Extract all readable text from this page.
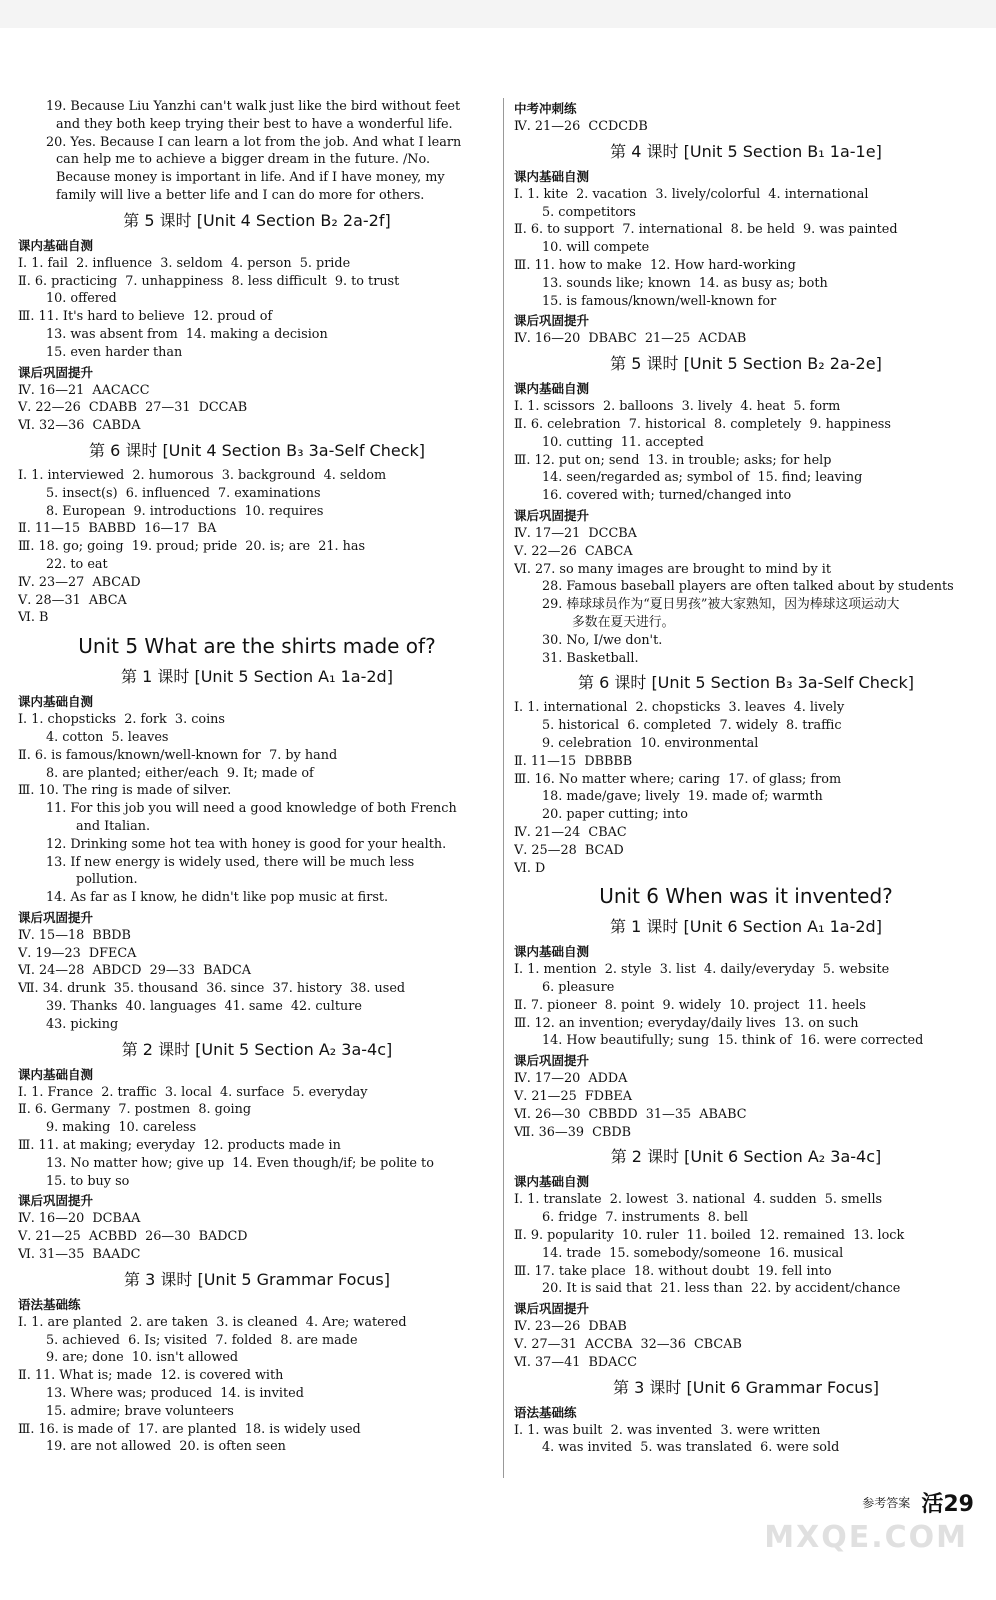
19. Because Liu Yanzhi can't walk just like the bird without feet
and they both keep trying their best to have a wonderful life.
20. Yes. Because I can learn a lot from the job. And what I learn
can help me to achieve a bigger dream in the future. /No.
Because money is important in life. And if I have money, my
family will live a better life and I can do more for others.
第 5 课时 [Unit 4 Section B₂ 2a-2f]
课内基础自测
Ⅰ. 1. fail  2. influence  3. seldom  4. person  5. pride
Ⅱ. 6. practicing  7. unhappiness  8. less difficult  9. to trust
10. offered
Ⅲ. 11. It's hard to believe  12. proud of
13. was absent from  14. making a decision
15. even harder than
课后巩固提升
Ⅳ. 16—21  AACACC
Ⅴ. 22—26  CDABB  27—31  DCCAB
Ⅵ. 32—36  CABDA
第 6 课时 [Unit 4 Section B₃ 3a-Self Check]
Ⅰ. 1. interviewed  2. humorous  3. background  4. seldom
5. insect(s)  6. influenced  7. examinations
8. European  9. introductions  10. requires
Ⅱ. 11—15  BABBD  16—17  BA
Ⅲ. 18. go; going  19. proud; pride  20. is; are  21. has
22. to eat
Ⅳ. 23—27  ABCAD
Ⅴ. 28—31  ABCA
Ⅵ. B
Unit 5 What are the shirts made of?
第 1 课时 [Unit 5 Section A₁ 1a-2d]
课内基础自测
Ⅰ. 1. chopsticks  2. fork  3. coins
4. cotton  5. leaves
Ⅱ. 6. is famous/known/well-known for  7. by hand
8. are planted; either/each  9. It; made of
Ⅲ. 10. The ring is made of silver.
11. For this job you will need a good knowledge of both French
and Italian.
12. Drinking some hot tea with honey is good for your health.
13. If new energy is widely used, there will be much less
pollution.
14. As far as I know, he didn't like pop music at first.
课后巩固提升
Ⅳ. 15—18  BBDB
Ⅴ. 19—23  DFECA
Ⅵ. 24—28  ABDCD  29—33  BADCA
Ⅶ. 34. drunk  35. thousand  36. since  37. history  38. used
39. Thanks  40. languages  41. same  42. culture
43. picking
第 2 课时 [Unit 5 Section A₂ 3a-4c]
课内基础自测
Ⅰ. 1. France  2. traffic  3. local  4. surface  5. everyday
Ⅱ. 6. Germany  7. postmen  8. going
9. making  10. careless
Ⅲ. 11. at making; everyday  12. products made in
13. No matter how; give up  14. Even though/if; be polite to
15. to buy so
课后巩固提升
Ⅳ. 16—20  DCBAA
Ⅴ. 21—25  ACBBD  26—30  BADCD
Ⅵ. 31—35  BAADC
第 3 课时 [Unit 5 Grammar Focus]
语法基础练
Ⅰ. 1. are planted  2. are taken  3. is cleaned  4. Are; watered
5. achieved  6. Is; visited  7. folded  8. are made
9. are; done  10. isn't allowed
Ⅱ. 11. What is; made  12. is covered with
13. Where was; produced  14. is invited
15. admire; brave volunteers
Ⅲ. 16. is made of  17. are planted  18. is widely used
19. are not allowed  20. is often seen
中考冲刺练
Ⅳ. 21—26  CCDCDB
第 4 课时 [Unit 5 Section B₁ 1a-1e]
课内基础自测
Ⅰ. 1. kite  2. vacation  3. lively/colorful  4. international
5. competitors
Ⅱ. 6. to support  7. international  8. be held  9. was painted
10. will compete
Ⅲ. 11. how to make  12. How hard-working
13. sounds like; known  14. as busy as; both
15. is famous/known/well-known for
课后巩固提升
Ⅳ. 16—20  DBABC  21—25  ACDAB
第 5 课时 [Unit 5 Section B₂ 2a-2e]
课内基础自测
Ⅰ. 1. scissors  2. balloons  3. lively  4. heat  5. form
Ⅱ. 6. celebration  7. historical  8. completely  9. happiness
10. cutting  11. accepted
Ⅲ. 12. put on; send  13. in trouble; asks; for help
14. seen/regarded as; symbol of  15. find; leaving
16. covered with; turned/changed into
课后巩固提升
Ⅳ. 17—21  DCCBA
Ⅴ. 22—26  CABCA
Ⅵ. 27. so many images are brought to mind by it
28. Famous baseball players are often talked about by students
29. 棒球球员作为“夏日男孩”被大家熟知，因为棒球这项运动大
多数在夏天进行。
30. No, I/we don't.
31. Basketball.
第 6 课时 [Unit 5 Section B₃ 3a-Self Check]
Ⅰ. 1. international  2. chopsticks  3. leaves  4. lively
5. historical  6. completed  7. widely  8. traffic
9. celebration  10. environmental
Ⅱ. 11—15  DBBBB
Ⅲ. 16. No matter where; caring  17. of glass; from
18. made/gave; lively  19. made of; warmth
20. paper cutting; into
Ⅳ. 21—24  CBAC
Ⅴ. 25—28  BCAD
Ⅵ. D
Unit 6 When was it invented?
第 1 课时 [Unit 6 Section A₁ 1a-2d]
课内基础自测
Ⅰ. 1. mention  2. style  3. list  4. daily/everyday  5. website
6. pleasure
Ⅱ. 7. pioneer  8. point  9. widely  10. project  11. heels
Ⅲ. 12. an invention; everyday/daily lives  13. on such
14. How beautifully; sung  15. think of  16. were corrected
课后巩固提升
Ⅳ. 17—20  ADDA
Ⅴ. 21—25  FDBEA
Ⅵ. 26—30  CBBDD  31—35  ABABC
Ⅶ. 36—39  CBDB
第 2 课时 [Unit 6 Section A₂ 3a-4c]
课内基础自测
Ⅰ. 1. translate  2. lowest  3. national  4. sudden  5. smells
6. fridge  7. instruments  8. bell
Ⅱ. 9. popularity  10. ruler  11. boiled  12. remained  13. lock
14. trade  15. somebody/someone  16. musical
Ⅲ. 17. take place  18. without doubt  19. fell into
20. It is said that  21. less than  22. by accident/chance
课后巩固提升
Ⅳ. 23—26  DBAB
Ⅴ. 27—31  ACCBA  32—36  CBCAB
Ⅵ. 37—41  BDACC
第 3 课时 [Unit 6 Grammar Focus]
语法基础练
Ⅰ. 1. was built  2. was invented  3. were written
4. was invited  5. was translated  6. were sold
参考答案 活29
MXQE.COM
